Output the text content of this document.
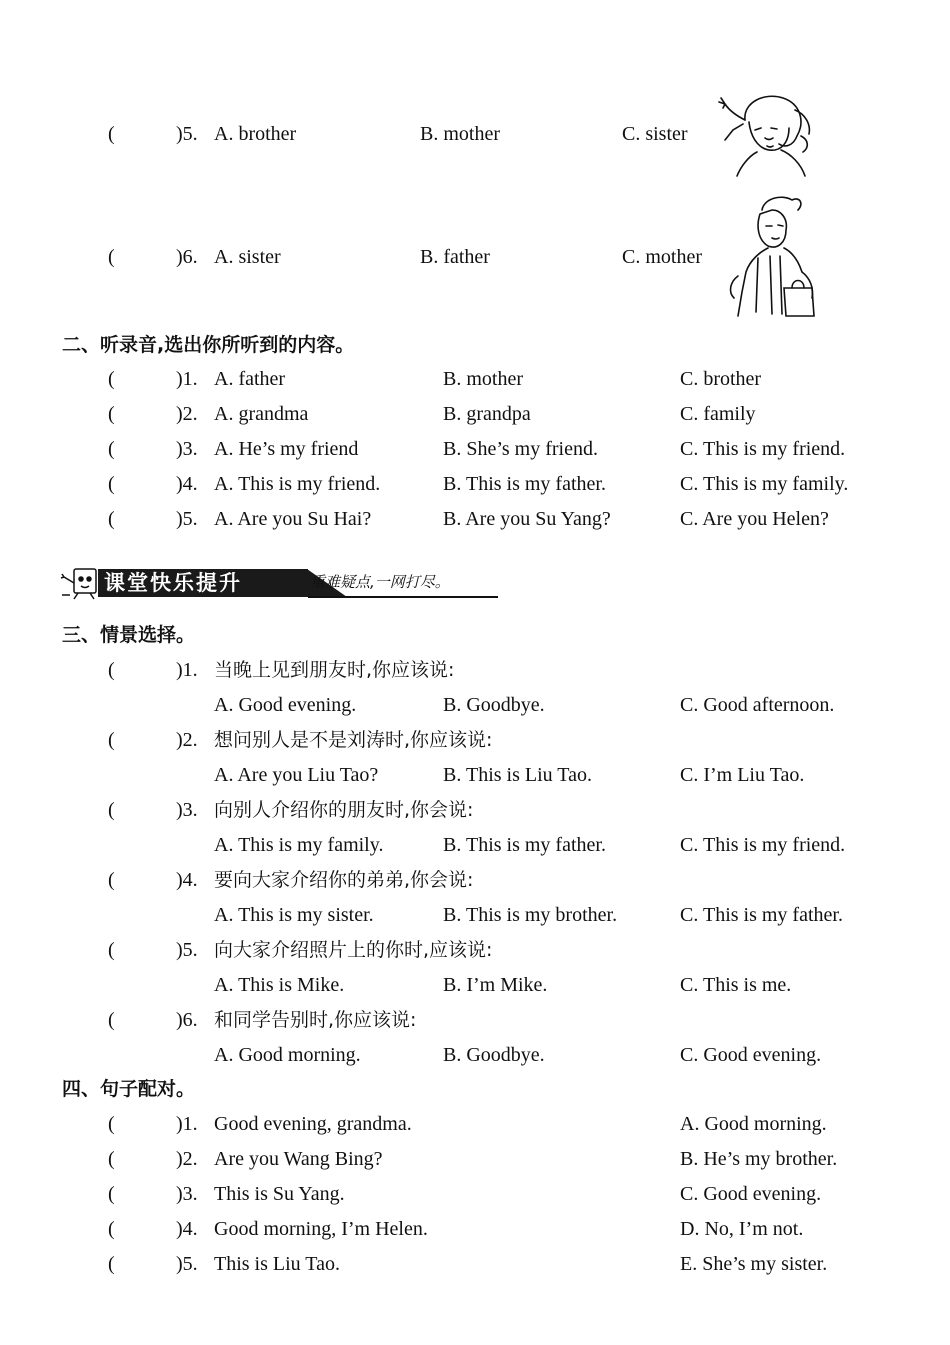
(	)5. A. brother	B. mother	C. sister
(	)6. A. sister	B. father	C. mother
二、听录音,选出你所听到的内容。
(	)1. A. father	B. mother	C. brother
(	)2. A. grandma	B. grandpa	C. family
(	)3. A. He’s my friend	B. She’s my friend.	C. This is my friend.
(	)4. A. This is my friend.	B. This is my father.	C. This is my family.
(	)5. A. Are you Su Hai?	B. Are you Su Yang?	C. Are you Helen?
课堂快乐提升	重难疑点,一网打尽。
三、情景选择。
(	)1. 当晚上见到朋友时,你应该说:
A. Good evening.	B. Goodbye.	C. Good afternoon.
(	)2. 想问别人是不是刘涛时,你应该说:
A. Are you Liu Tao?	B. This is Liu Tao.	C. I’m Liu Tao.
(	)3. 向别人介绍你的朋友时,你会说:
A. This is my family.	B. This is my father.	C. This is my friend.
(	)4. 要向大家介绍你的弟弟,你会说:
A. This is my sister.	B. This is my brother.	C. This is my father.
(	)5. 向大家介绍照片上的你时,应该说:
A. This is Mike.	B. I’m Mike.	C. This is me.
(	)6. 和同学告别时,你应该说:
A. Good morning.	B. Goodbye.	C. Good evening.
四、句子配对。
(	)1. Good evening, grandma.	A. Good morning.
(	)2. Are you Wang Bing?	B. He’s my brother.
(	)3. This is Su Yang.	C. Good evening.
(	)4. Good morning, I’m Helen.	D. No, I’m not.
(	)5. This is Liu Tao.	E. She’s my sister.
